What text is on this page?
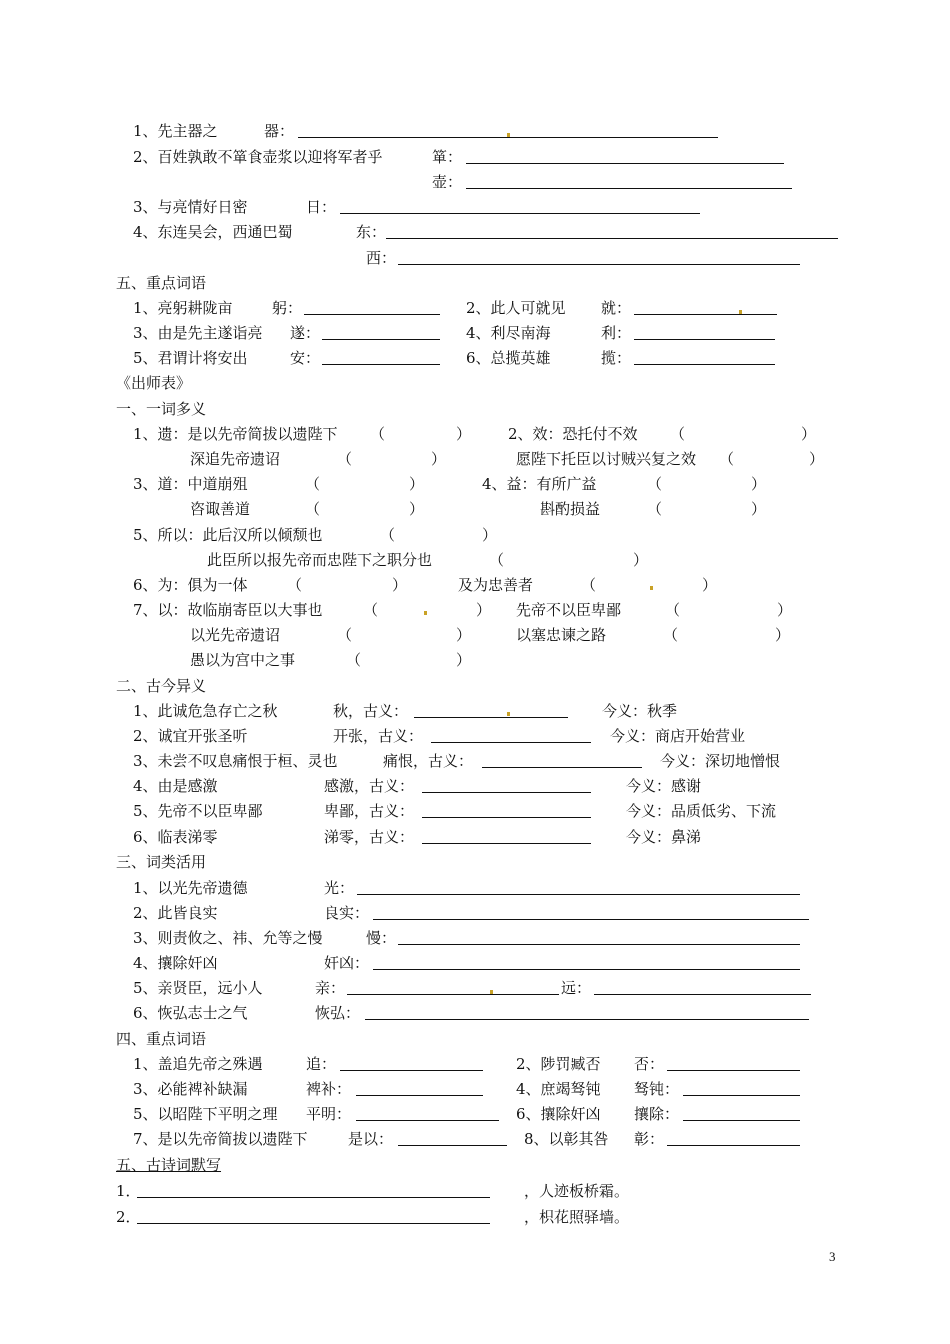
1、先主器之	器：
2、百姓孰敢不箪食壶浆以迎将军者乎	箪：
壶：
3、与亮情好日密	日：
4、东连吴会，西通巴蜀	东：
西：
五、重点词语
1、亮躬耕陇亩	躬：	2、此人可就见 就：
3、由是先主遂诣亮 遂：	4、利尽南海	利：
5、君谓计将安出	安：	6、总揽英雄	揽：
《出师表》
一、一词多义
1、遗：是以先帝简拔以遗陛下 （	） 2、效：恐托付不效 （	）
深追先帝遗诏	（	）	愿陛下托臣以讨贼兴复之效 （	）
3、道：中道崩殂	（	）	4、益：有所广益	（	）
咨诹善道	（	）	斟酌损益	（	）
5、所以：此后汉所以倾颓也	（	）
此臣所以报先帝而忠陛下之职分也	（	）
6、为：俱为一体	（	）	及为忠善者	（	）
7、以：故临崩寄臣以大事也	（	） 先帝不以臣卑鄙	（	）
以光先帝遗诏	（	）	以塞忠谏之路	（	）
愚以为宫中之事	（	）
二、古今异义
1、此诚危急存亡之秋	秋，古义：	今义：秋季
2、诚宜开张圣听	开张，古义：	今义：商店开始营业
3、未尝不叹息痛恨于桓、灵也	痛恨，古义：	今义：深切地憎恨
4、由是感激	感激，古义：	今义：感谢
5、先帝不以臣卑鄙	卑鄙，古义：	今义：品质低劣、下流
6、临表涕零	涕零，古义：	今义：鼻涕
三、词类活用
1、以光先帝遗德	光：
2、此皆良实	良实：
3、则责攸之、祎、允等之慢	慢：
4、攘除奸凶	奸凶：
5、亲贤臣，远小人	亲：	远：
6、恢弘志士之气	恢弘：
四、重点词语
1、盖追先帝之殊遇	追：	2、陟罚臧否 否：
3、必能裨补缺漏	裨补：	4、庶竭驽钝 驽钝：
5、以昭陛下平明之理 平明：	6、攘除奸凶 攘除：
7、是以先帝简拔以遗陛下	是以：	8、以彰其咎 彰：
五、古诗词默写
1．	，人迹板桥霜。
2．	，枳花照驿墙。
3
